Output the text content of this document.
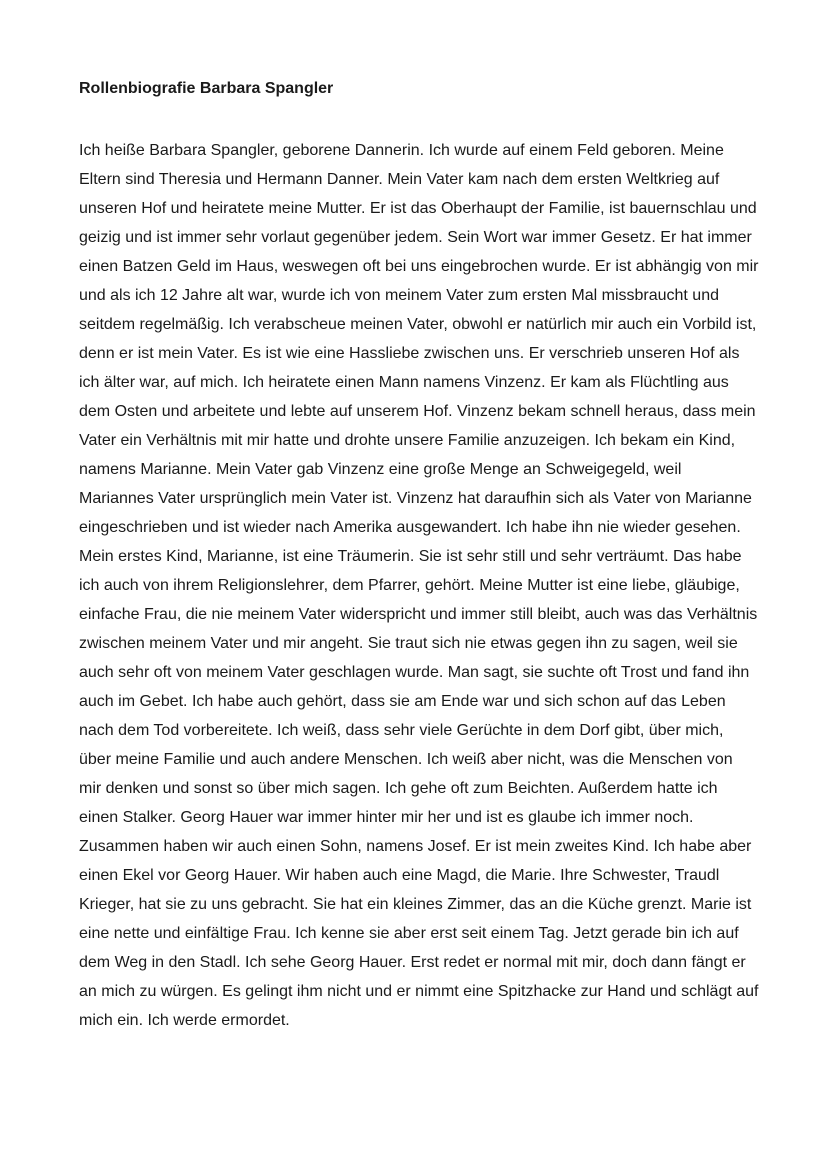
Rollenbiografie Barbara Spangler

Ich heiße Barbara Spangler, geborene Dannerin. Ich wurde auf einem Feld geboren. Meine Eltern sind Theresia und Hermann Danner. Mein Vater kam nach dem ersten Weltkrieg auf unseren Hof und heiratete meine Mutter. Er ist das Oberhaupt der Familie, ist bauernschlau und geizig und ist immer sehr vorlaut gegenüber jedem. Sein Wort war immer Gesetz. Er hat immer einen Batzen Geld im Haus, weswegen oft bei uns eingebrochen wurde. Er ist abhängig von mir und als ich 12 Jahre alt war, wurde ich von meinem Vater zum ersten Mal missbraucht und seitdem regelmäßig. Ich verabscheue meinen Vater, obwohl er natürlich mir auch ein Vorbild ist, denn er ist mein Vater. Es ist wie eine Hassliebe zwischen uns. Er verschrieb unseren Hof als ich älter war, auf mich. Ich heiratete einen Mann namens Vinzenz. Er kam als Flüchtling aus dem Osten und arbeitete und lebte auf unserem Hof. Vinzenz bekam schnell heraus, dass mein Vater ein Verhältnis mit mir hatte und drohte unsere Familie anzuzeigen. Ich bekam ein Kind, namens Marianne. Mein Vater gab Vinzenz eine große Menge an Schweigegeld, weil Mariannes Vater ursprünglich mein Vater ist. Vinzenz hat daraufhin sich als Vater von Marianne eingeschrieben und ist wieder nach Amerika ausgewandert. Ich habe ihn nie wieder gesehen. Mein erstes Kind, Marianne, ist eine Träumerin. Sie ist sehr still und sehr verträumt. Das habe ich auch von ihrem Religionslehrer, dem Pfarrer, gehört. Meine Mutter ist eine liebe, gläubige, einfache Frau, die nie meinem Vater widerspricht und immer still bleibt, auch was das Verhältnis zwischen meinem Vater und mir angeht. Sie traut sich nie etwas gegen ihn zu sagen, weil sie auch sehr oft von meinem Vater geschlagen wurde. Man sagt, sie suchte oft Trost und fand ihn auch im Gebet. Ich habe auch gehört, dass sie am Ende war und sich schon auf das Leben nach dem Tod vorbereitete. Ich weiß, dass sehr viele Gerüchte in dem Dorf gibt, über mich, über meine Familie und auch andere Menschen. Ich weiß aber nicht, was die Menschen von mir denken und sonst so über mich sagen. Ich gehe oft zum Beichten. Außerdem hatte ich einen Stalker. Georg Hauer war immer hinter mir her und ist es glaube ich immer noch. Zusammen haben wir auch einen Sohn, namens Josef. Er ist mein zweites Kind. Ich habe aber einen Ekel vor Georg Hauer. Wir haben auch eine Magd, die Marie. Ihre Schwester, Traudl Krieger, hat sie zu uns gebracht. Sie hat ein kleines Zimmer, das an die Küche grenzt. Marie ist eine nette und einfältige Frau. Ich kenne sie aber erst seit einem Tag. Jetzt gerade bin ich auf dem Weg in den Stadl. Ich sehe Georg Hauer. Erst redet er normal mit mir, doch dann fängt er an mich zu würgen. Es gelingt ihm nicht und er nimmt eine Spitzhacke zur Hand und schlägt auf mich ein. Ich werde ermordet.
